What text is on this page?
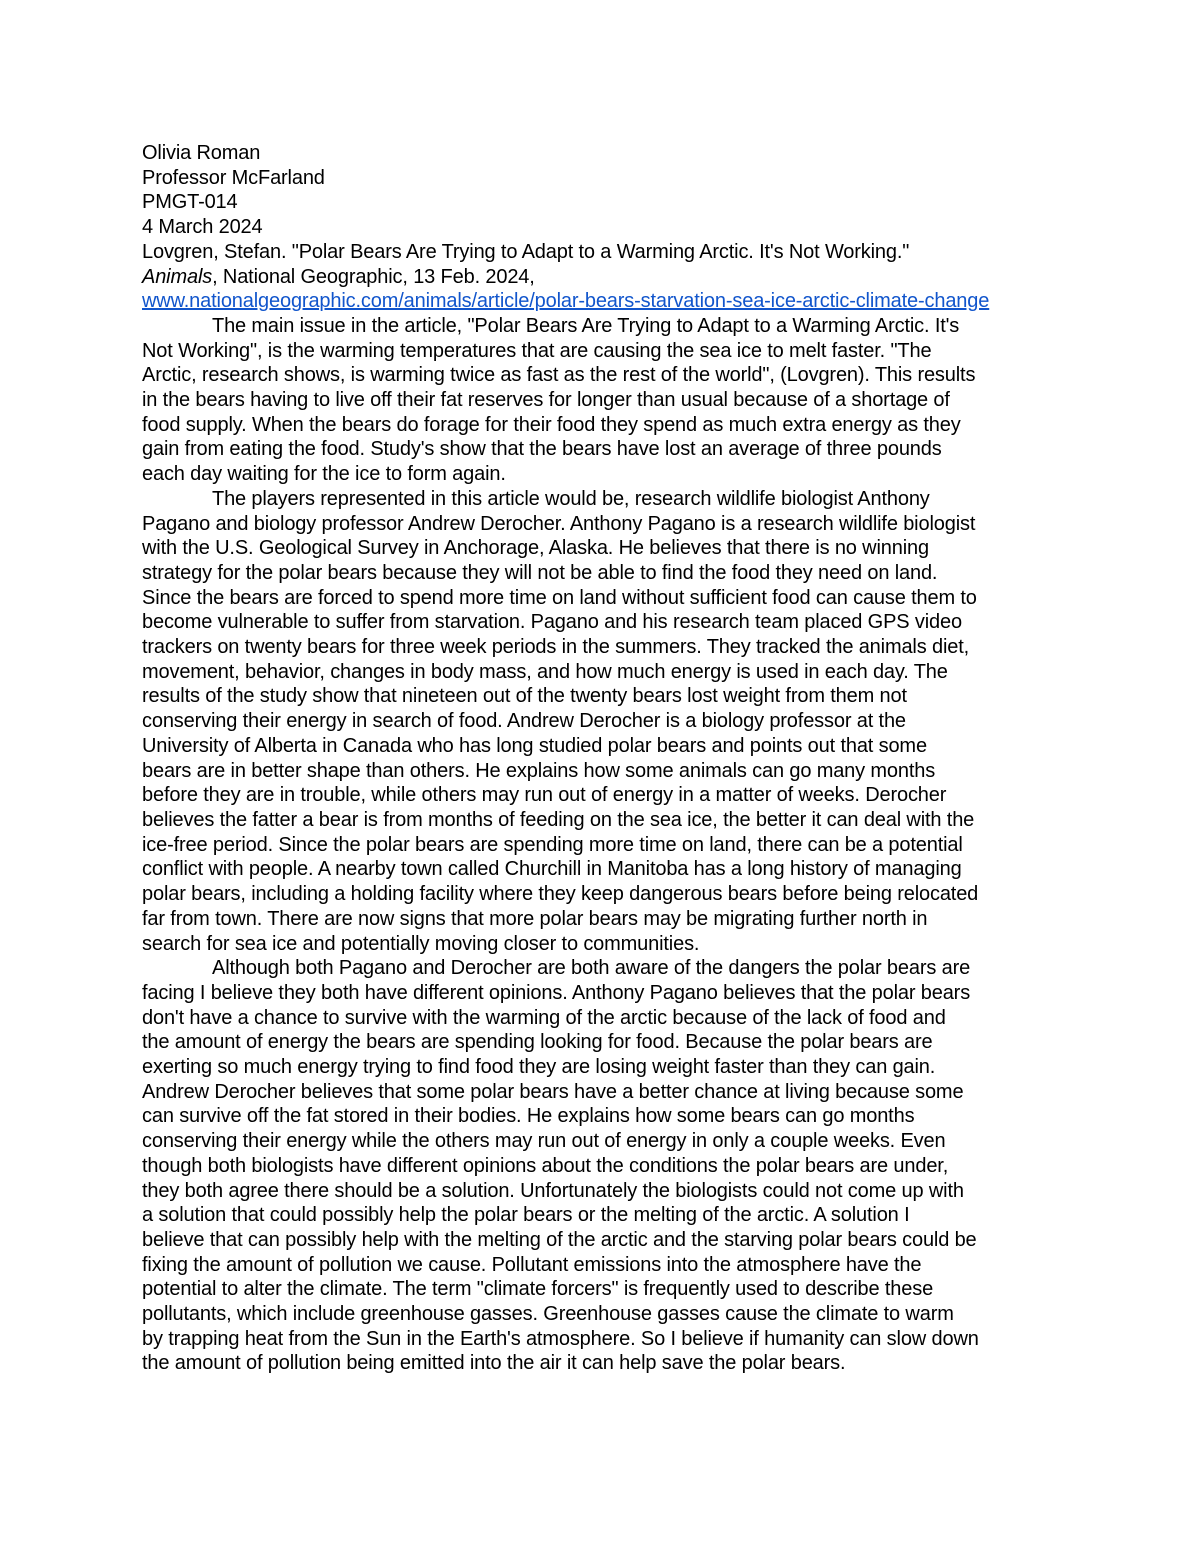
Olivia Roman
Professor McFarland
PMGT-014
4 March 2024
Lovgren, Stefan. "Polar Bears Are Trying to Adapt to a Warming Arctic. It's Not Working."
Animals, National Geographic, 13 Feb. 2024,
www.nationalgeographic.com/animals/article/polar-bears-starvation-sea-ice-arctic-climate-change
The main issue in the article, "Polar Bears Are Trying to Adapt to a Warming Arctic. It's
Not Working", is the warming temperatures that are causing the sea ice to melt faster. "The
Arctic, research shows, is warming twice as fast as the rest of the world", (Lovgren). This results
in the bears having to live off their fat reserves for longer than usual because of a shortage of
food supply. When the bears do forage for their food they spend as much extra energy as they
gain from eating the food. Study's show that the bears have lost an average of three pounds
each day waiting for the ice to form again.
The players represented in this article would be, research wildlife biologist Anthony
Pagano and biology professor Andrew Derocher. Anthony Pagano is a research wildlife biologist
with the U.S. Geological Survey in Anchorage, Alaska. He believes that there is no winning
strategy for the polar bears because they will not be able to find the food they need on land.
Since the bears are forced to spend more time on land without sufficient food can cause them to
become vulnerable to suffer from starvation. Pagano and his research team placed GPS video
trackers on twenty bears for three week periods in the summers. They tracked the animals diet,
movement, behavior, changes in body mass, and how much energy is used in each day. The
results of the study show that nineteen out of the twenty bears lost weight from them not
conserving their energy in search of food. Andrew Derocher is a biology professor at the
University of Alberta in Canada who has long studied polar bears and points out that some
bears are in better shape than others. He explains how some animals can go many months
before they are in trouble, while others may run out of energy in a matter of weeks. Derocher
believes the fatter a bear is from months of feeding on the sea ice, the better it can deal with the
ice-free period. Since the polar bears are spending more time on land, there can be a potential
conflict with people. A nearby town called Churchill in Manitoba has a long history of managing
polar bears, including a holding facility where they keep dangerous bears before being relocated
far from town. There are now signs that more polar bears may be migrating further north in
search for sea ice and potentially moving closer to communities.
Although both Pagano and Derocher are both aware of the dangers the polar bears are
facing I believe they both have different opinions. Anthony Pagano believes that the polar bears
don't have a chance to survive with the warming of the arctic because of the lack of food and
the amount of energy the bears are spending looking for food. Because the polar bears are
exerting so much energy trying to find food they are losing weight faster than they can gain.
Andrew Derocher believes that some polar bears have a better chance at living because some
can survive off the fat stored in their bodies. He explains how some bears can go months
conserving their energy while the others may run out of energy in only a couple weeks. Even
though both biologists have different opinions about the conditions the polar bears are under,
they both agree there should be a solution. Unfortunately the biologists could not come up with
a solution that could possibly help the polar bears or the melting of the arctic. A solution I
believe that can possibly help with the melting of the arctic and the starving polar bears could be
fixing the amount of pollution we cause. Pollutant emissions into the atmosphere have the
potential to alter the climate. The term "climate forcers" is frequently used to describe these
pollutants, which include greenhouse gasses. Greenhouse gasses cause the climate to warm
by trapping heat from the Sun in the Earth's atmosphere. So I believe if humanity can slow down
the amount of pollution being emitted into the air it can help save the polar bears.
